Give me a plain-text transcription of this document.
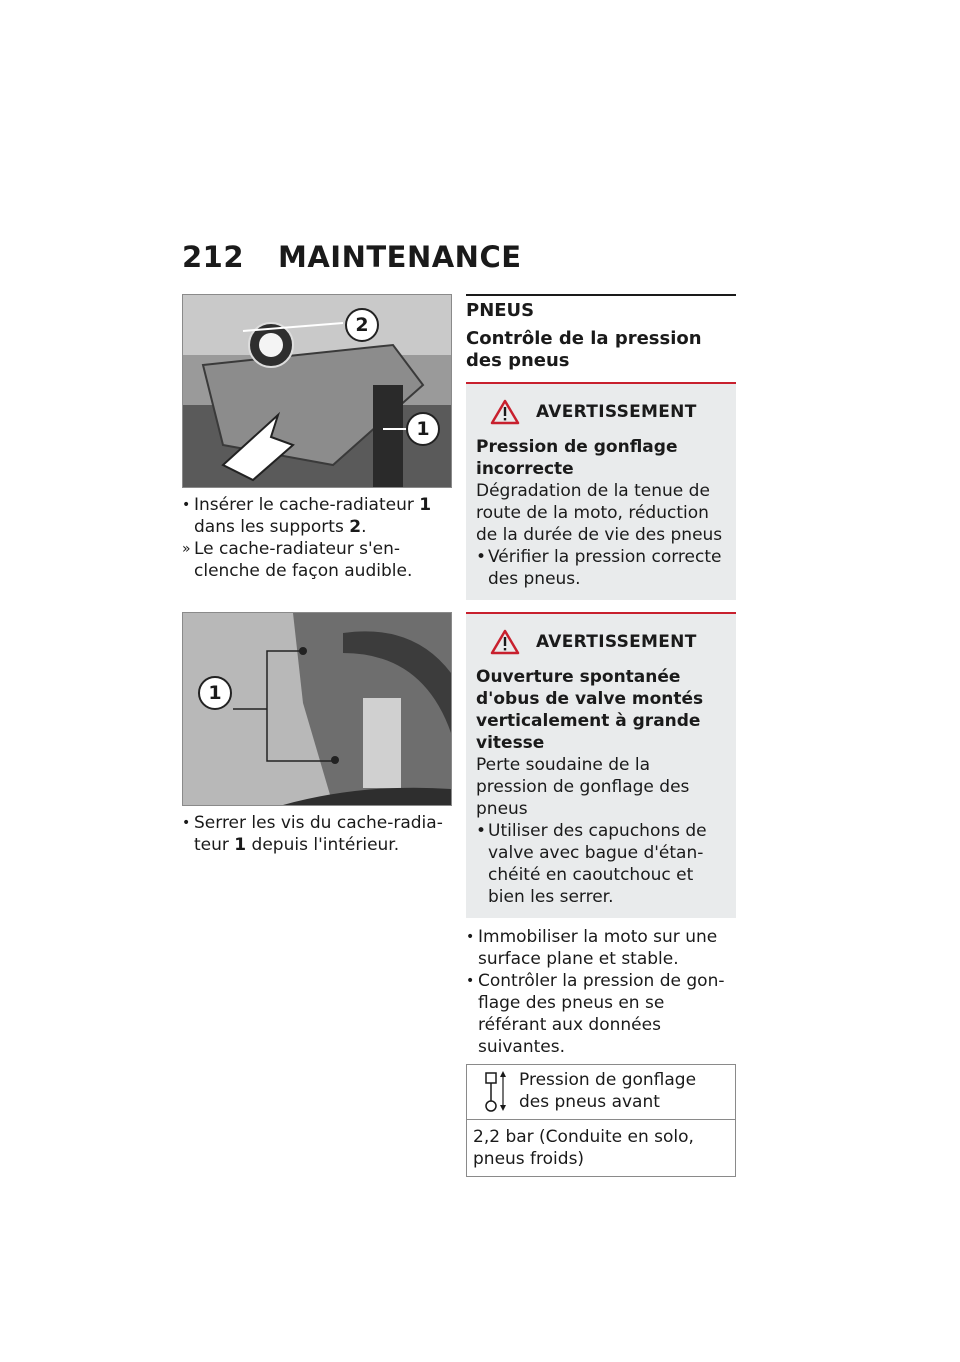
212 MAINTENANCE
2
1
• Insérer le cache-radiateur 1 dans les supports 2.
» Le cache-radiateur s'enclenche de façon audible.
1
• Serrer les vis du cache-radiateur 1 depuis l'intérieur.
PNEUS
Contrôle de la pression des pneus
AVERTISSEMENT
Pression de gonflage incorrecte
Dégradation de la tenue de route de la moto, réduction de la durée de vie des pneus
• Vérifier la pression correcte des pneus.
AVERTISSEMENT
Ouverture spontanée d'obus de valve montés verticalement à grande vitesse
Perte soudaine de la pression de gonflage des pneus
• Utiliser des capuchons de valve avec bague d'étanchéité en caoutchouc et bien les serrer.
• Immobiliser la moto sur une surface plane et stable.
• Contrôler la pression de gonflage des pneus en se référant aux données suivantes.
Pression de gonflage des pneus avant
2,2 bar (Conduite en solo, pneus froids)
